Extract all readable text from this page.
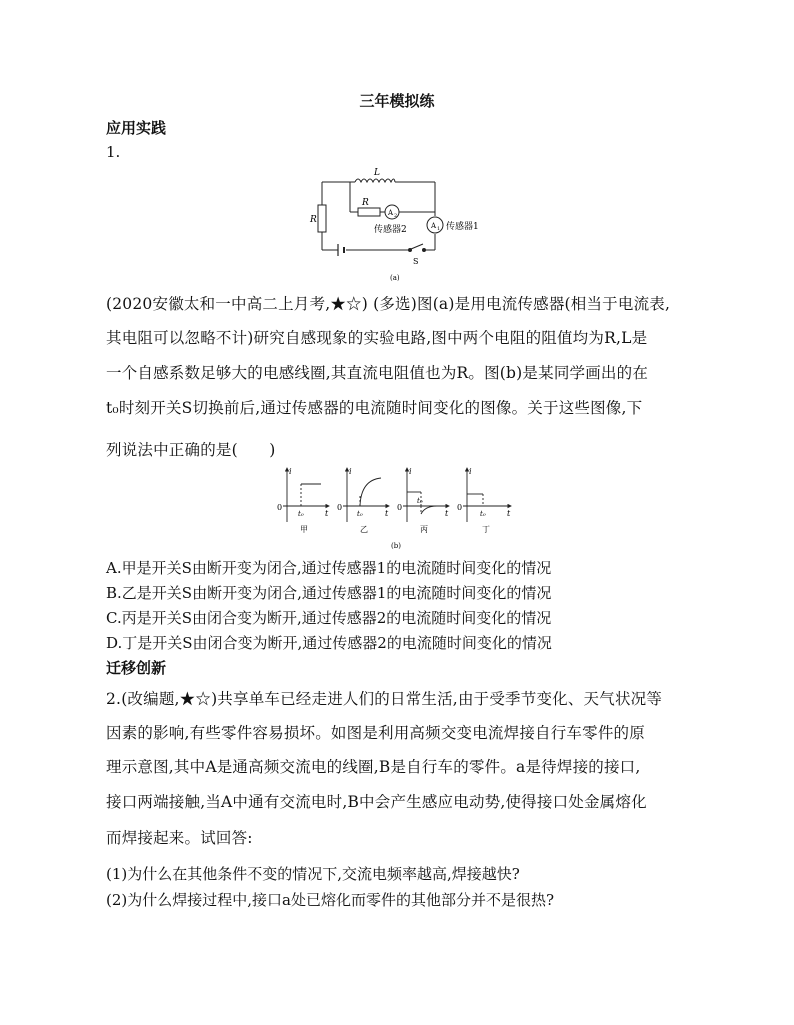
三年模拟练
应用实践
1.
L
R
R
A 2
传感器2	A 1 传感器1
S
(a)
(2020安徽太和一中高二上月考,★☆) (多选)图(a)是用电流传感器(相当于电流表,
其电阻可以忽略不计)研究自感现象的实验电路,图中两个电阻的阻值均为R,L是
一个自感系数足够大的电感线圈,其直流电阻值也为R。图(b)是某同学画出的在
t₀时刻开关S切换前后,通过传感器的电流随时间变化的图像。关于这些图像,下
列说法中正确的是(　　)
i	i	i	i
t	t	t	t
0	0	0	0
t₀	t₀
t₀
t₀
甲	乙	丙	丁
(b)
A.甲是开关S由断开变为闭合,通过传感器1的电流随时间变化的情况
B.乙是开关S由断开变为闭合,通过传感器1的电流随时间变化的情况
C.丙是开关S由闭合变为断开,通过传感器2的电流随时间变化的情况
D.丁是开关S由闭合变为断开,通过传感器2的电流随时间变化的情况
迁移创新
2.(改编题,★☆)共享单车已经走进人们的日常生活,由于受季节变化、天气状况等
因素的影响,有些零件容易损坏。如图是利用高频交变电流焊接自行车零件的原
理示意图,其中A是通高频交流电的线圈,B是自行车的零件。a是待焊接的接口,
接口两端接触,当A中通有交流电时,B中会产生感应电动势,使得接口处金属熔化
而焊接起来。试回答:
(1)为什么在其他条件不变的情况下,交流电频率越高,焊接越快?
(2)为什么焊接过程中,接口a处已熔化而零件的其他部分并不是很热?
